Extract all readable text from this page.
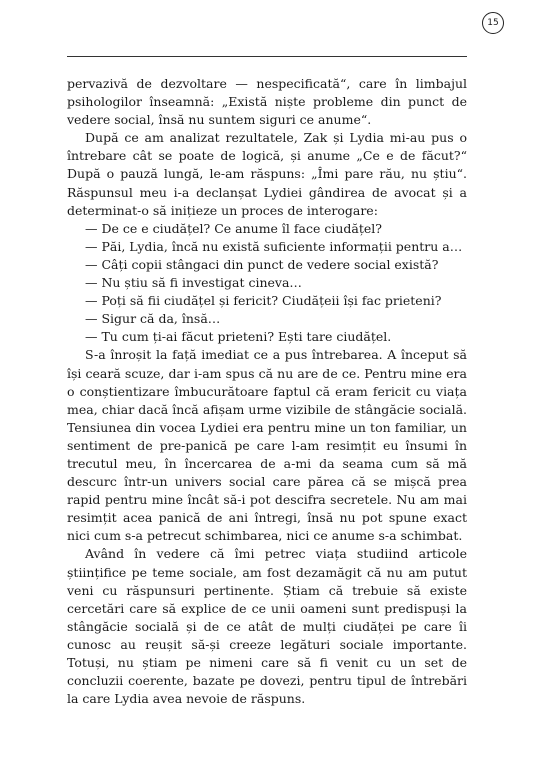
15

pervazivă de dezvoltare — nespecificată“, care în limbajul psihologilor înseamnă: „Există niște probleme din punct de vedere social, însă nu suntem siguri ce anume“.

După ce am analizat rezultatele, Zak și Lydia mi-au pus o întrebare cât se poate de logică, și anume „Ce e de făcut?“ După o pauză lungă, le-am răspuns: „Îmi pare rău, nu știu“. Răspunsul meu i-a declanșat Lydiei gândirea de avocat și a determinat-o să inițieze un proces de interogare:

— De ce e ciudățel? Ce anume îl face ciudățel?

— Păi, Lydia, încă nu există suficiente informații pentru a…

— Câți copii stângaci din punct de vedere social există?

— Nu știu să fi investigat cineva…

— Poți să fii ciudățel și fericit? Ciudățeii își fac prieteni?

— Sigur că da, însă…

— Tu cum ți-ai făcut prieteni? Ești tare ciudățel.

S-a înroșit la față imediat ce a pus întrebarea. A început să își ceară scuze, dar i-am spus că nu are de ce. Pentru mine era o conștientizare îmbucurătoare faptul că eram fericit cu viața mea, chiar dacă încă afișam urme vizibile de stângăcie socială. Tensiunea din vocea Lydiei era pentru mine un ton familiar, un sentiment de pre-panică pe care l-am resimțit eu însumi în trecutul meu, în încercarea de a-mi da seama cum să mă descurc într-un univers social care părea că se mișcă prea rapid pentru mine încât să-i pot descifra secretele. Nu am mai resimțit acea panică de ani întregi, însă nu pot spune exact nici cum s-a petrecut schimbarea, nici ce anume s-a schimbat.

Având în vedere că îmi petrec viața studiind articole științifice pe teme sociale, am fost dezamăgit că nu am putut veni cu răspunsuri pertinente. Știam că trebuie să existe cercetări care să explice de ce unii oameni sunt predispuși la stângăcie socială și de ce atât de mulți ciudăței pe care îi cunosc au reușit să-și creeze legături sociale importante. Totuși, nu știam pe nimeni care să fi venit cu un set de concluzii coerente, bazate pe dovezi, pentru tipul de întrebări la care Lydia avea nevoie de răspuns.
